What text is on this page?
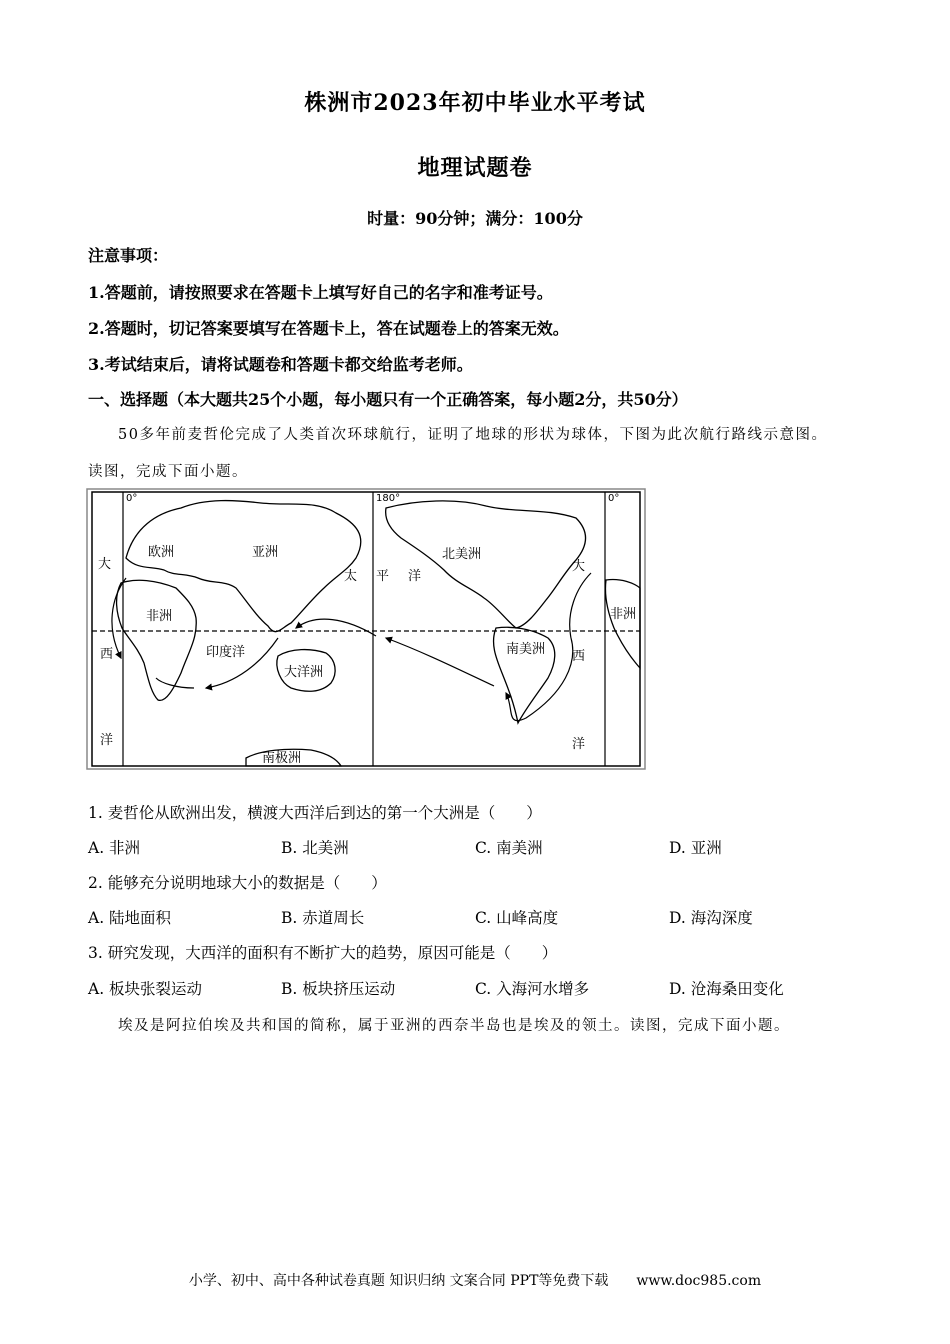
株洲市2023年初中毕业水平考试
地理试题卷
时量：90分钟；满分：100分
注意事项：
1.答题前，请按照要求在答题卡上填写好自己的名字和准考证号。
2.答题时，切记答案要填写在答题卡上，答在试题卷上的答案无效。
3.考试结束后，请将试题卷和答题卡都交给监考老师。
一、选择题（本大题共25个小题，每小题只有一个正确答案，每小题2分，共50分）
50多年前麦哲伦完成了人类首次环球航行，证明了地球的形状为球体，下图为此次航行路线示意图。
读图，完成下面小题。
0°	180°	0°
欧洲	亚洲	北美洲
非洲	非洲
南美洲
大洋洲
南极洲
印度洋
太 平 洋
大
西
洋
大
西
洋
1. 麦哲伦从欧洲出发，横渡大西洋后到达的第一个大洲是（　　）
A. 非洲	B. 北美洲	C. 南美洲	D. 亚洲
2. 能够充分说明地球大小的数据是（　　）
A. 陆地面积	B. 赤道周长	C. 山峰高度	D. 海沟深度
3. 研究发现，大西洋的面积有不断扩大的趋势，原因可能是（　　）
A. 板块张裂运动	B. 板块挤压运动	C. 入海河水增多	D. 沧海桑田变化
埃及是阿拉伯埃及共和国的简称，属于亚洲的西奈半岛也是埃及的领土。读图，完成下面小题。
小学、初中、高中各种试卷真题 知识归纳 文案合同 PPT等免费下载　　www.doc985.com
